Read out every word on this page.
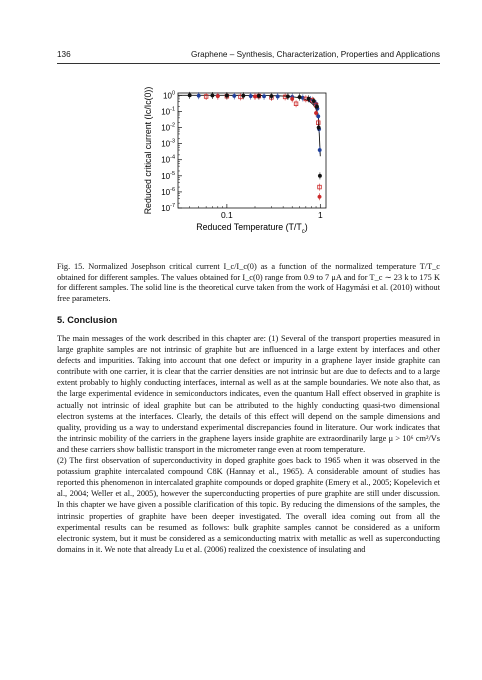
136	Graphene – Synthesis, Characterization, Properties and Applications
$10^0$
$10^{-1}$
$10^{-2}$
$10^{-3}$
$10^{-4}$
$10^{-5}$
$10^{-6}$
$10^{-7}$
0.1	1
Reduced Temperature $(T/T_c)$
Reduced critical current (Ic/Ic(0))
Fig. 15. Normalized Josephson critical current I_c/I_c(0) as a function of the normalized temperature T/T_c obtained for different samples. The values obtained for I_c(0) range from 0.9 to 7 μA and for T_c ∼ 23 k to 175 K for different samples. The solid line is the theoretical curve taken from the work of Hagymási et al. (2010) without free parameters.
5. Conclusion

The main messages of the work described in this chapter are: (1) Several of the transport properties measured in large graphite samples are not intrinsic of graphite but are influenced in a large extent by interfaces and other defects and impurities. Taking into account that one defect or impurity in a graphene layer inside graphite can contribute with one carrier, it is clear that the carrier densities are not intrinsic but are due to defects and to a large extent probably to highly conducting interfaces, internal as well as at the sample boundaries. We note also that, as the large experimental evidence in semiconductors indicates, even the quantum Hall effect observed in graphite is actually not intrinsic of ideal graphite but can be attributed to the highly conducting quasi-two dimensional electron systems at the interfaces. Clearly, the details of this effect will depend on the sample dimensions and quality, providing us a way to understand experimental discrepancies found in literature. Our work indicates that the intrinsic mobility of the carriers in the graphene layers inside graphite are extraordinarily large μ > 10⁶ cm²/Vs and these carriers show ballistic transport in the micrometer range even at room temperature.

(2) The first observation of superconductivity in doped graphite goes back to 1965 when it was observed in the potassium graphite intercalated compound C8K (Hannay et al., 1965). A considerable amount of studies has reported this phenomenon in intercalated graphite compounds or doped graphite (Emery et al., 2005; Kopelevich et al., 2004; Weller et al., 2005), however the superconducting properties of pure graphite are still under discussion. In this chapter we have given a possible clarification of this topic. By reducing the dimensions of the samples, the intrinsic properties of graphite have been deeper investigated. The overall idea coming out from all the experimental results can be resumed as follows: bulk graphite samples cannot be considered as a uniform electronic system, but it must be considered as a semiconducting matrix with metallic as well as superconducting domains in it. We note that already Lu et al. (2006) realized the coexistence of insulating and
